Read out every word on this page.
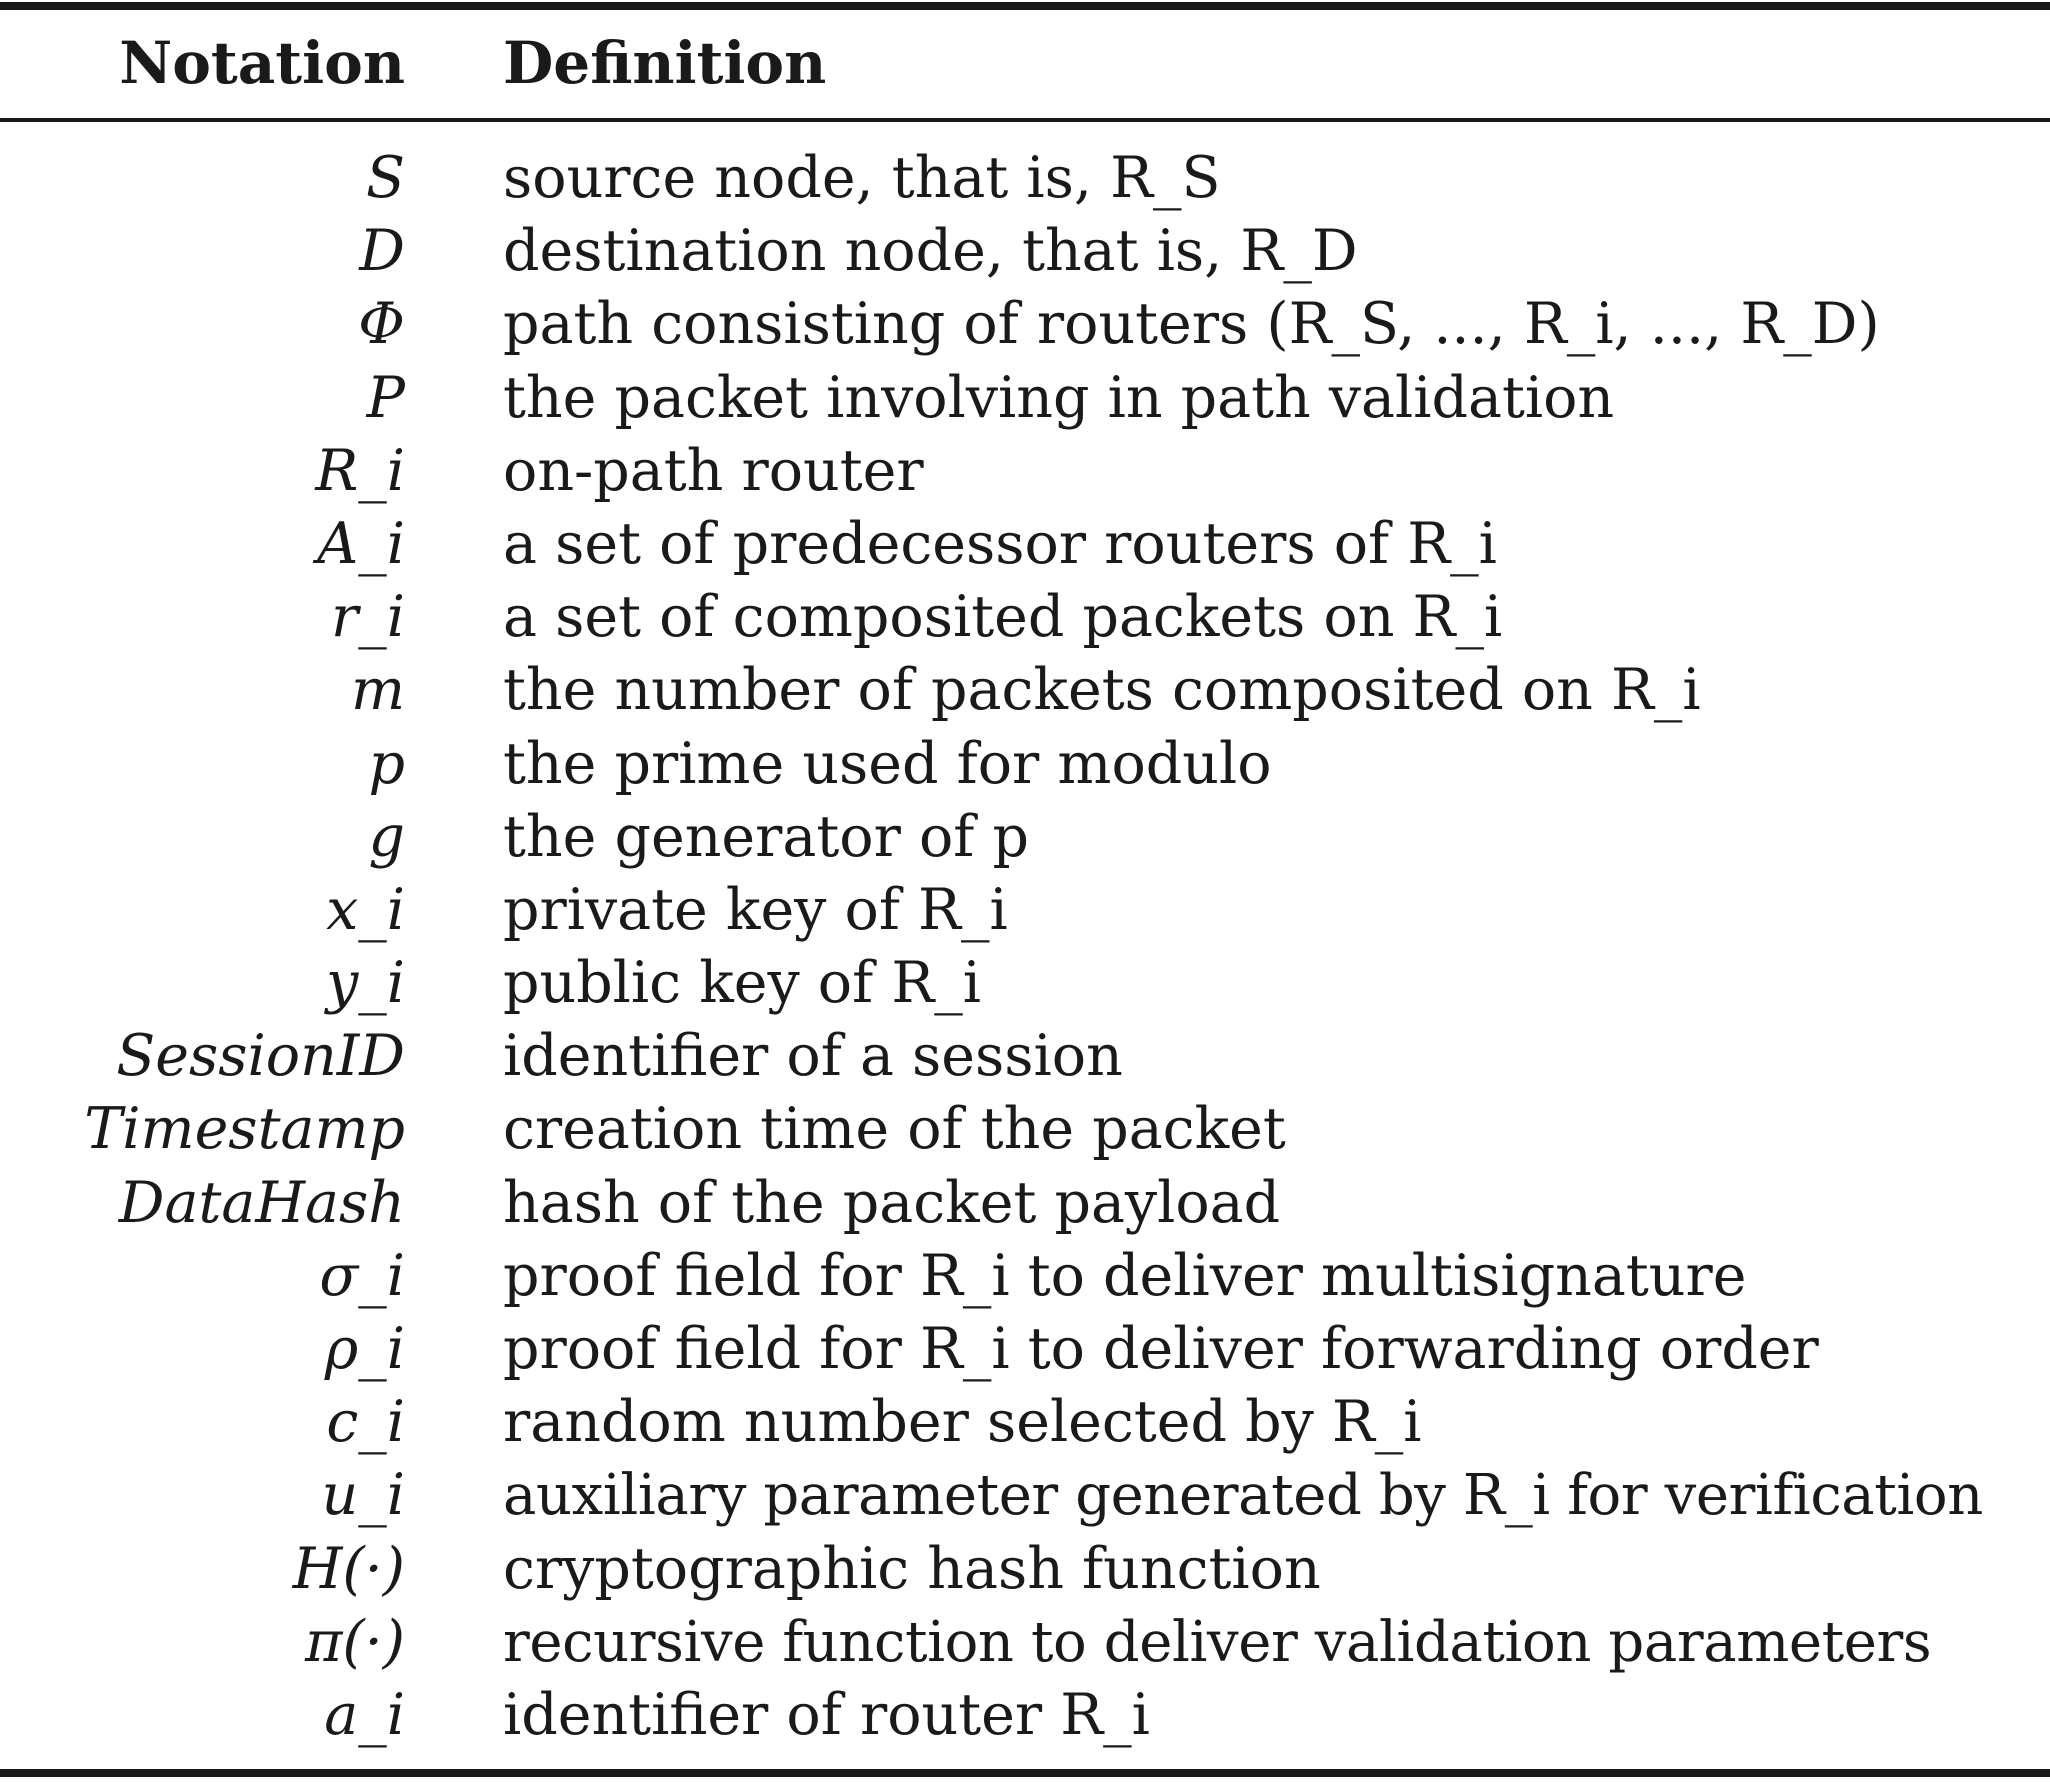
Notation Definition
S source node, that is, R_S
D destination node, that is, R_D
Φ path consisting of routers (R_S, ..., R_i, ..., R_D)
P the packet involving in path validation
R_i on-path router
A_i a set of predecessor routers of R_i
r_i a set of composited packets on R_i
m the number of packets composited on R_i
p the prime used for modulo
g the generator of p
x_i private key of R_i
y_i public key of R_i
SessionID identifier of a session
Timestamp creation time of the packet
DataHash hash of the packet payload
σ_i proof field for R_i to deliver multisignature
ρ_i proof field for R_i to deliver forwarding order
c_i random number selected by R_i
u_i auxiliary parameter generated by R_i for verification
H(·) cryptographic hash function
π(·) recursive function to deliver validation parameters
a_i identifier of router R_i
